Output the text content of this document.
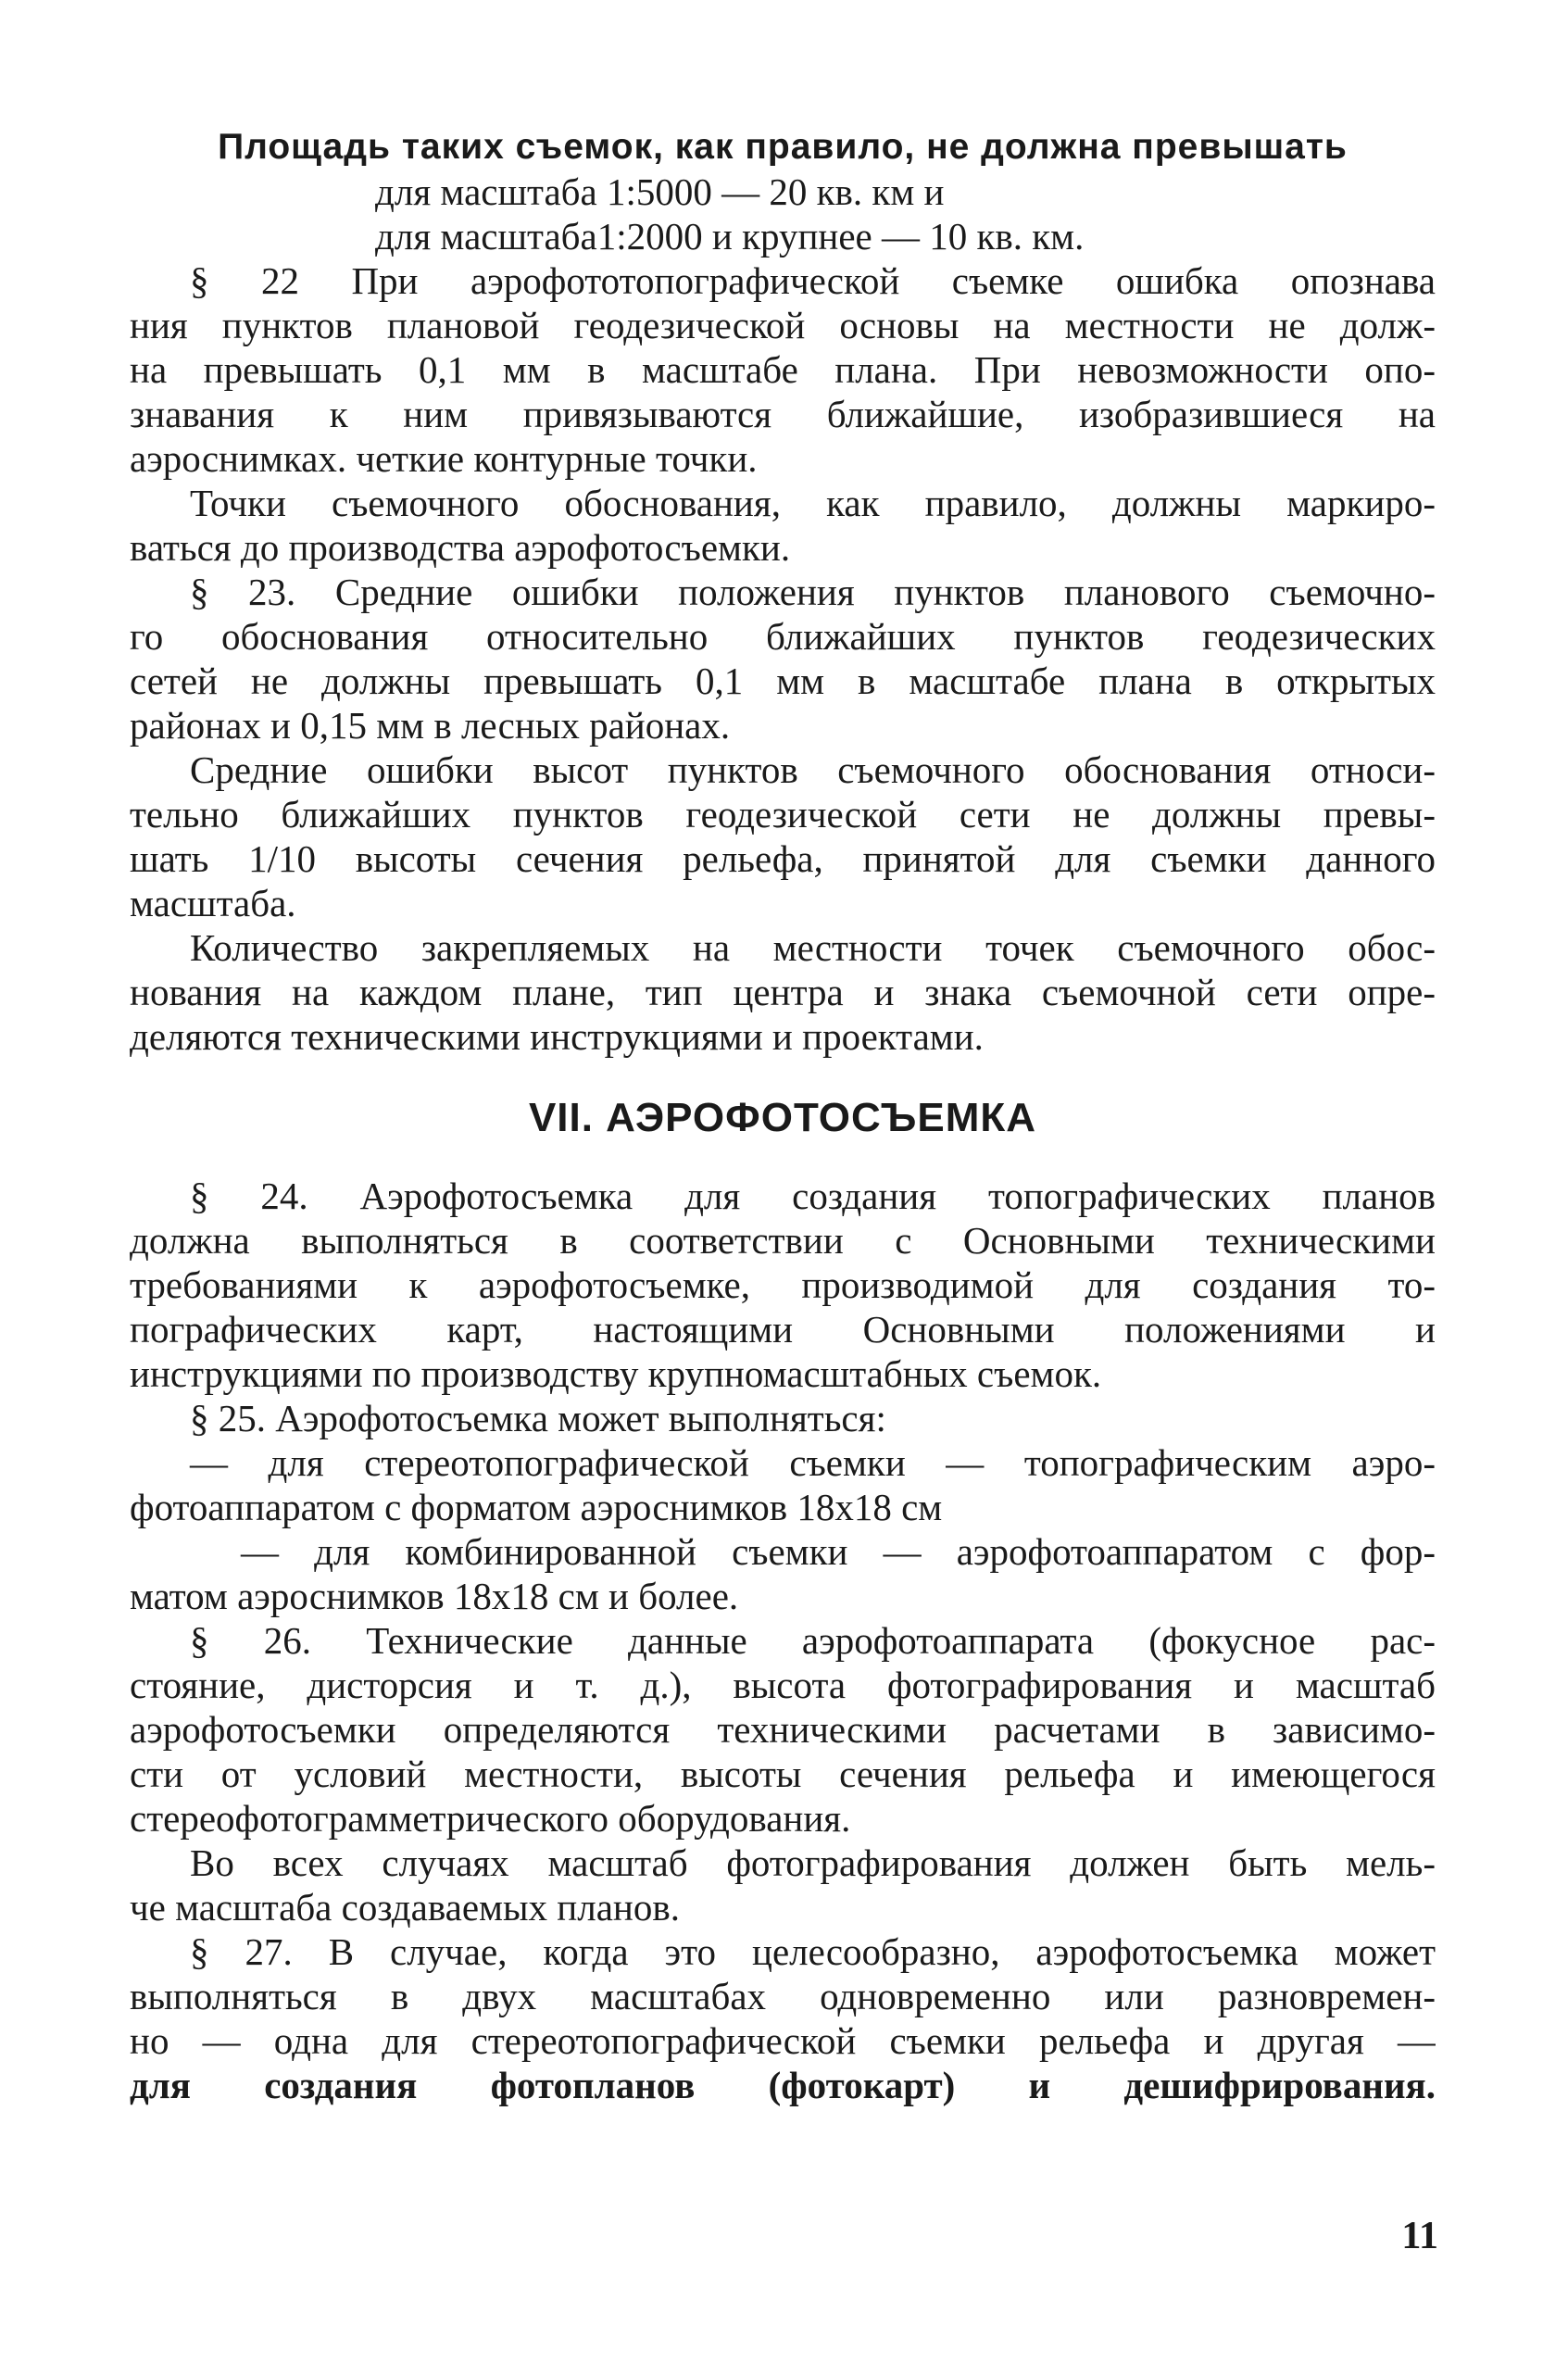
Площадь таких съемок, как правило, не должна превышать
для масштаба 1:5000 — 20 кв. км и
для масштаба1:2000 и крупнее — 10 кв. км.
§ 22 При аэрофототопографической съемке ошибка опознава
ния пунктов плановой геодезической основы на местности не долж-
на превышать 0,1 мм в масштабе плана. При невозможности опо-
знавания к ним привязываются ближайшие, изобразившиеся на
аэроснимках. четкие контурные точки.
Точки съемочного обоснования, как правило, должны маркиро-
ваться до производства аэрофотосъемки.
§ 23. Средние ошибки положения пунктов планового съемочно-
го обоснования относительно ближайших пунктов геодезических
сетей не должны превышать 0,1 мм в масштабе плана в открытых
районах и 0,15 мм в лесных районах.
Средние ошибки высот пунктов съемочного обоснования относи-
тельно ближайших пунктов геодезической сети не должны превы-
шать 1/10 высоты сечения рельефа, принятой для съемки данного
масштаба.
Количество закрепляемых на местности точек съемочного обос-
нования на каждом плане, тип центра и знака съемочной сети опре-
деляются техническими инструкциями и проектами.
VII. АЭРОФОТОСЪЕМКА
§ 24. Аэрофотосъемка для создания топографических планов
должна выполняться в соответствии с Основными техническими
требованиями к аэрофотосъемке, производимой для создания то-
пографических карт, настоящими Основными положениями и
инструкциями по производству крупномасштабных съемок.
§ 25. Аэрофотосъемка может выполняться:
— для стереотопографической съемки — топографическим аэро-
фотоаппаратом с форматом аэроснимков 18х18 см
— для комбинированной съемки — аэрофотоаппаратом с фор-
матом аэроснимков 18х18 см и более.
§ 26. Технические данные аэрофотоаппарата (фокусное рас-
стояние, дисторсия и т. д.), высота фотографирования и масштаб
аэрофотосъемки определяются техническими расчетами в зависимо-
сти от условий местности, высоты сечения рельефа и имеющегося
стереофотограмметрического оборудования.
Во всех случаях масштаб фотографирования должен быть мель-
че масштаба создаваемых планов.
§ 27. В случае, когда это целесообразно, аэрофотосъемка может
выполняться в двух масштабах одновременно или разновремен-
но — одна для стереотопографической съемки рельефа и другая —
для создания фотопланов (фотокарт) и дешифрирования.
11
